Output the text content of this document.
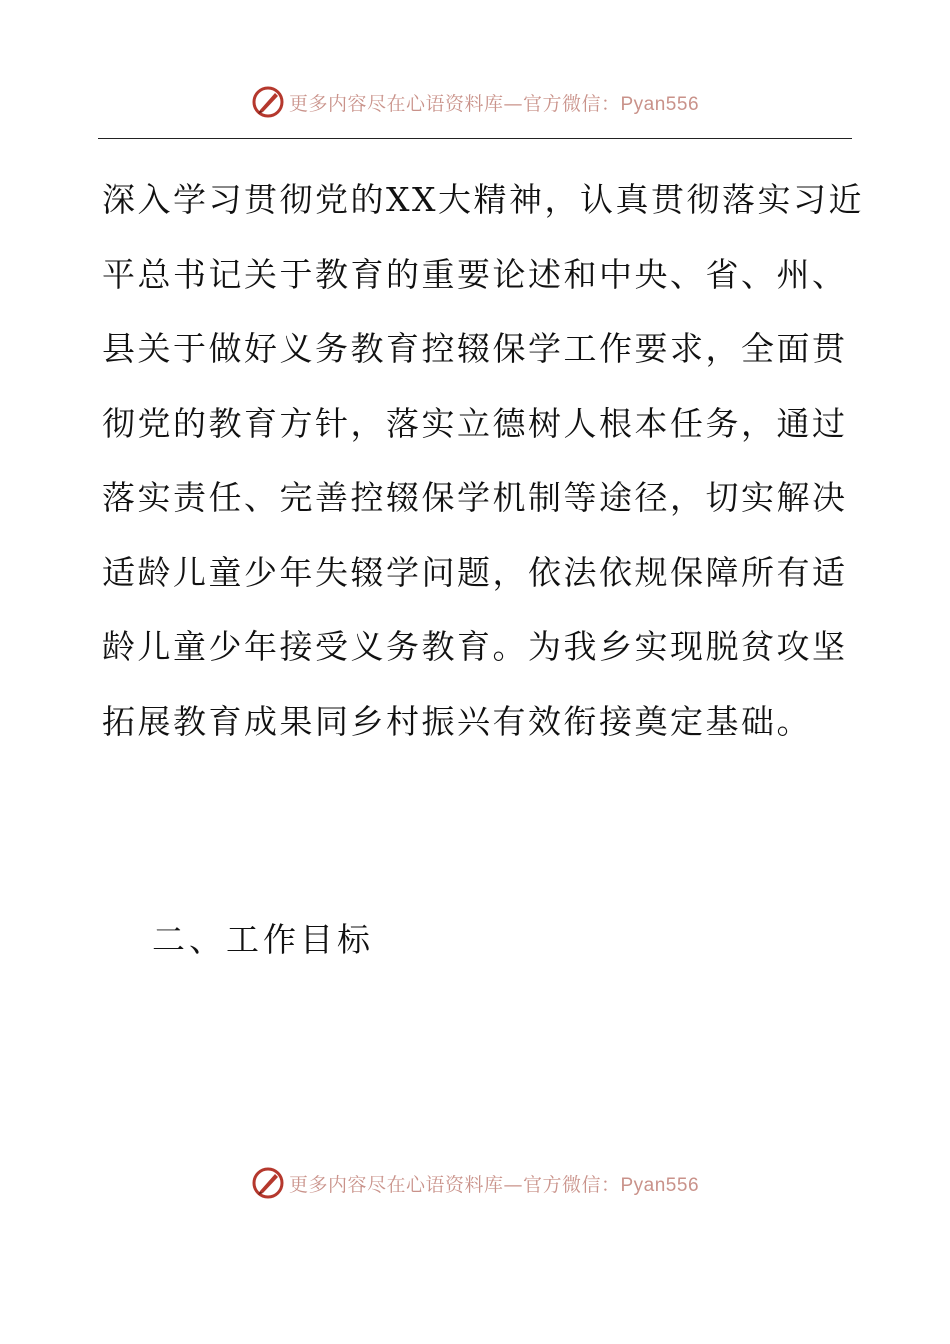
更多内容尽在心语资料库—官方微信：Pyan556
深入学习贯彻党的XX大精神，认真贯彻落实习近
平总书记关于教育的重要论述和中央、省、州、
县关于做好义务教育控辍保学工作要求，全面贯
彻党的教育方针，落实立德树人根本任务，通过
落实责任、完善控辍保学机制等途径，切实解决
适龄儿童少年失辍学问题，依法依规保障所有适
龄儿童少年接受义务教育。为我乡实现脱贫攻坚
拓展教育成果同乡村振兴有效衔接奠定基础。
二、工作目标
更多内容尽在心语资料库—官方微信：Pyan556
